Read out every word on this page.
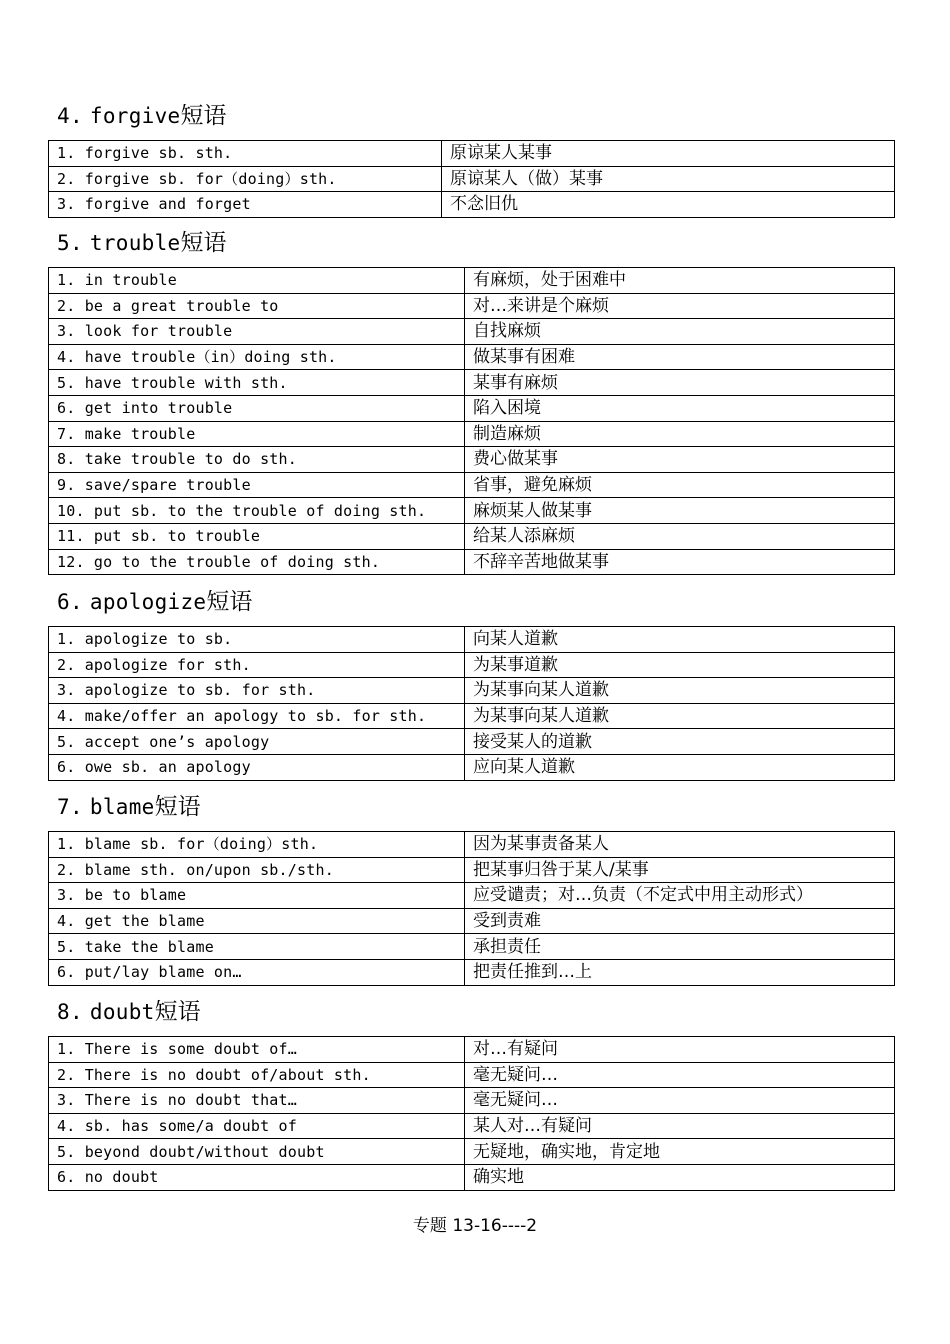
4. forgive短语
1. forgive sb. sth.	原谅某人某事
2. forgive sb. for（doing）sth.	原谅某人（做）某事
3. forgive and forget	不念旧仇
5. trouble短语
1. in trouble	有麻烦，处于困难中
2. be a great trouble to	对…来讲是个麻烦
3. look for trouble	自找麻烦
4. have trouble（in）doing sth.	做某事有困难
5. have trouble with sth.	某事有麻烦
6. get into trouble	陷入困境
7. make trouble	制造麻烦
8. take trouble to do sth.	费心做某事
9. save/spare trouble	省事，避免麻烦
10. put sb. to the trouble of doing sth.	麻烦某人做某事
11. put sb. to trouble	给某人添麻烦
12. go to the trouble of doing sth.	不辞辛苦地做某事
6. apologize短语
1. apologize to sb.	向某人道歉
2. apologize for sth.	为某事道歉
3. apologize to sb. for sth.	为某事向某人道歉
4. make/offer an apology to sb. for sth.	为某事向某人道歉
5. accept one’s apology	接受某人的道歉
6. owe sb. an apology	应向某人道歉
7. blame短语
1. blame sb. for（doing）sth.	因为某事责备某人
2. blame sth. on/upon sb./sth.	把某事归咎于某人/某事
3. be to blame	应受谴责；对…负责（不定式中用主动形式）
4. get the blame	受到责难
5. take the blame	承担责任
6. put/lay blame on…	把责任推到…上
8. doubt短语
1. There is some doubt of…	对…有疑问
2. There is no doubt of/about sth.	毫无疑问…
3. There is no doubt that…	毫无疑问…
4. sb. has some/a doubt of	某人对…有疑问
5. beyond doubt/without doubt	无疑地，确实地，肯定地
6. no doubt	确实地
专题 13-16----2
